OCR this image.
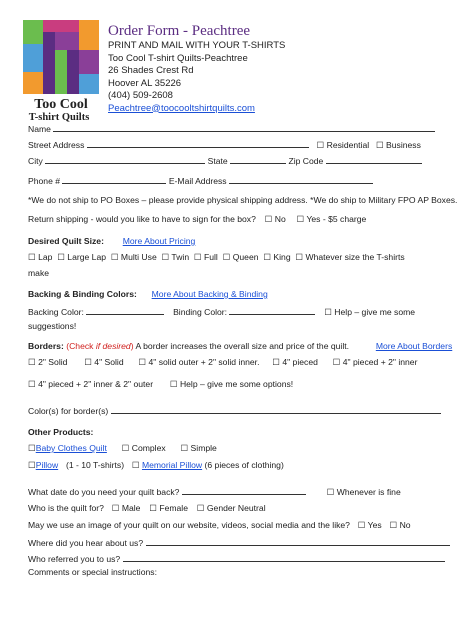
Too Cool
T-shirt Quilts
Order Form - Peachtree
PRINT AND MAIL WITH YOUR T-SHIRTS
Too Cool T-shirt Quilts-Peachtree
26 Shades Crest Rd
Hoover AL 35226
(404) 509-2608
Peachtree@toocooltshirtquilts.com
Name
Street Address	☐ Residential ☐ Business
City	State	Zip Code
Phone #	E-Mail Address
*We do not ship to PO Boxes – please provide physical shipping address. *We do ship to Military FPO AP Boxes.
Return shipping - would you like to have to sign for the box? ☐ No ☐ Yes - $5 charge
Desired Quilt Size: More About Pricing
☐ Lap ☐ Large Lap ☐ Multi Use ☐ Twin ☐ Full ☐ Queen ☐ King ☐ Whatever size the T-shirts
make
Backing & Binding Colors: More About Backing & Binding
Backing Color:	Binding Color:	☐ Help – give me some
suggestions!
Borders: (Check if desired) A border increases the overall size and price of the quilt.	More About Borders
☐ 2" Solid ☐ 4" Solid ☐ 4" solid outer + 2" solid inner. ☐ 4" pieced ☐ 4" pieced + 2" inner
☐ 4" pieced + 2" inner & 2" outer ☐ Help – give me some options!
Color(s) for border(s)
Other Products:
☐Baby Clothes Quilt ☐ Complex ☐ Simple
☐Pillow (1 - 10 T-shirts) ☐ Memorial Pillow (6 pieces of clothing)
What date do you need your quilt back?	☐ Whenever is fine
Who is the quilt for? ☐ Male ☐ Female ☐ Gender Neutral
May we use an image of your quilt on our website, videos, social media and the like? ☐ Yes ☐ No
Where did you hear about us?
Who referred you to us?
Comments or special instructions:
